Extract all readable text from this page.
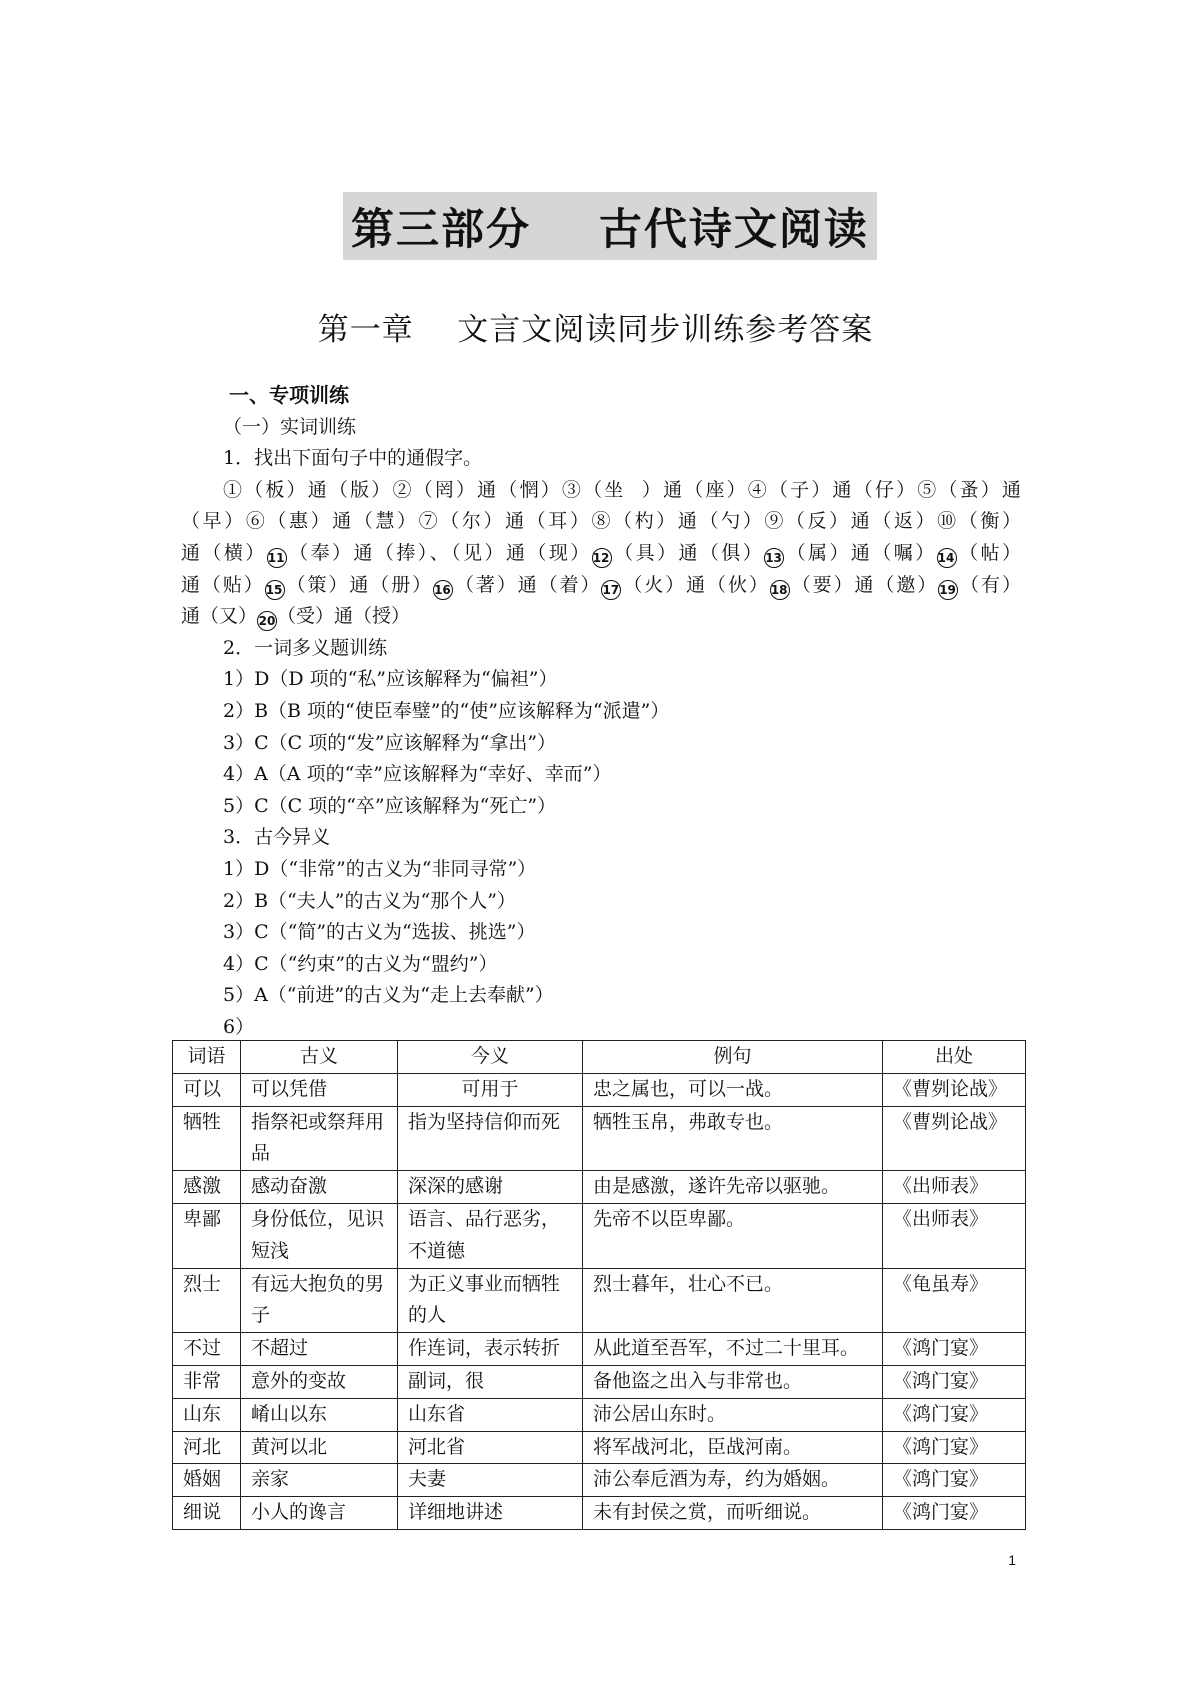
第三部分    古代诗文阅读
第一章    文言文阅读同步训练参考答案
一、专项训练
（一）实词训练
1．找出下面句子中的通假字。
①（板）通（版）②（罔）通（惘）③（坐  ）通（座）④（子）通（仔）⑤（蚤）通
（早）⑥（惠）通（慧）⑦（尔）通（耳）⑧（杓）通（勺）⑨（反）通（返）⑩（衡）
通（横）11 （奉）通（捧）、（见）通（现）12 （具）通（俱）13 （属）通（嘱）14 （帖）
通（贴）15 （策）通（册）16 （著）通（着）17 （火）通（伙）18 （要）通（邀）19 （有）
通（又） 20（受）通（授）
2．一词多义题训练
1）D（D 项的“私”应该解释为“偏袒”）
2）B（B 项的“使臣奉璧”的“使”应该解释为“派遣”）
3）C（C 项的“发”应该解释为“拿出”）
4）A（A 项的“幸”应该解释为“幸好、幸而”）
5）C（C 项的“卒”应该解释为“死亡”）
3．古今异义
1）D（“非常”的古义为“非同寻常”）
2）B（“夫人”的古义为“那个人”）
3）C（“简”的古义为“选拔、挑选”）
4）C（“约束”的古义为“盟约”）
5）A（“前进”的古义为“走上去奉献”）
6）
词语	古义	今义	例句	出处
可以	可以凭借	可用于	忠之属也，可以一战。	《曹刿论战》
牺牲	指祭祀或祭拜用品	指为坚持信仰而死	牺牲玉帛，弗敢专也。	《曹刿论战》
感激	感动奋激	深深的感谢	由是感激，遂许先帝以驱驰。	《出师表》
卑鄙	身份低位，见识短浅	语言、品行恶劣，不道德	先帝不以臣卑鄙。	《出师表》
烈士	有远大抱负的男子	为正义事业而牺牲的人	烈士暮年，壮心不已。	《龟虽寿》
不过	不超过	作连词，表示转折	从此道至吾军，不过二十里耳。	《鸿门宴》
非常	意外的变故	副词，很	备他盗之出入与非常也。	《鸿门宴》
山东	崤山以东	山东省	沛公居山东时。	《鸿门宴》
河北	黄河以北	河北省	将军战河北，臣战河南。	《鸿门宴》
婚姻	亲家	夫妻	沛公奉卮酒为寿，约为婚姻。	《鸿门宴》
细说	小人的谗言	详细地讲述	未有封侯之赏，而听细说。	《鸿门宴》
1
